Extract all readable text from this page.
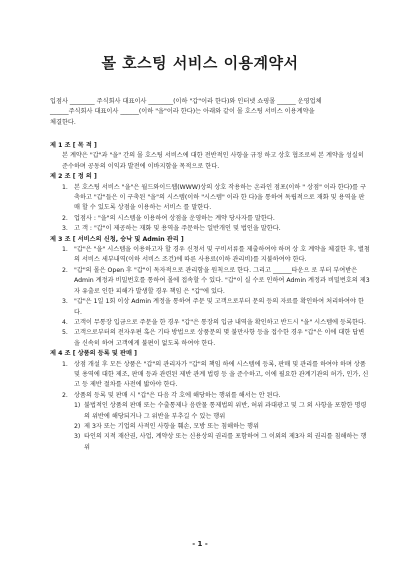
몰 호스팅 서비스 이용계약서

입점사 ________ 주식회사 대표이사 ________(이하 "갑"이라 한다)와 인터넷 쇼핑몰 ______ 운영업체

______주식회사 대표이사 ______(이하 "을"이라 한다)는 아래와 같이 몰 호스팅 서비스 이용계약을

체결한다.

제 1 조 [ 목 적 ]

본 계약은 "갑"과 "을" 간의 몰 호스팅 서비스에 대한 전반적인 사항을 규정 하고 상호 협조로써 본 계약을 성실히 준수하며 공동의 이익과 발전에 이바지함을 목적으로 한다.

제 2 조 [ 정 의 ]

1. 본 호스팅 서비스 "을"은 월드와이드웹(WWW)상의 상호 작용하는 온라인 점포(이하 " 상점" 이라 한다)를 구축하고 "갑"들은 이 구축된 "을"의 시스템(이하 "시스템" 이라 한 다)을 통하여 독립적으로 재화 및 용역을 판매 할 수 있도록 상점을 이용하는 서비스 를 말한다.
2. 업점사 : "을"의 시스템을 이용하여 상점을 운영하는 계약 당사자를 말한다.
3. 고 객 : "갑"이 제공하는 재화 및 용역을 주문하는 일반개인 및 법인을 말한다.

제 3 조 [ 서비스의 신청, 승낙 및 Admin 관리 ]

1. "갑"은 "을" 시스템을 이용하고자 할 경우 신청서 및 구비서류를 제출하여야 하며 상 호 계약을 체결한 후, 별첨의 서비스 세부내역(이하 서비스 조건)에 따른 사용료(이하 관리비)를 지불하여야 한다.
2. "갑"의 몰은 Open 후 "갑"이 독자적으로 관리함을 원칙으로 한다. 그리고 ______타운으 로 부터 부여받은 Admin 계정과 비밀번호를 통하여 몰에 접속할 수 있다. "갑"이 실 수로 인하여 Admin 계정과 비밀번호의 제3자 유출로 인한 피해가 발생할 경우 책임 은 "갑"에 있다.
3. "갑"은 1일 1회 이상 Admin 계정을 통하여 주문 및 고객으로부터 문의 등의 자료를 확인하여 처리하여야 한다.
4. 고객이 무통장 입금으로 주문을 한 경우 "갑"은 통장의 입금 내역을 확인하고 반드시 "을" 시스템에 등록한다.
5. 고객으로부터의 전자우편 혹은 기타 방법으로 상품문의 몇 불만사항 등을 접수한 경우 "갑"은 이에 대한 답변을 신속히 하여 고객에게 불편이 없도록 하여야 한다.

제 4 조 [ 상품의 등록 및 판매 ]

1. 상점 개설 후 모든 상품은 "갑"의 관리자가 "갑"의 책임 하에 시스템에 등록, 판매 및 관리를 하여야 하며 상품 및 용역에 대한 제조, 판매 등과 관련된 제반 관계 법령 등 을 준수하고, 이에 필요한 관계기관의 허가, 인가, 신고 등 제반 절차를 사전에 밟아야 한다.
2. 상품의 등록 및 판매 시 "갑"은 다음 각 호에 해당하는 행위를 해서는 안 된다.
1) 불법적인 상품의 판매 또는 수출통제나 음란물 통제법의 위반, 허위 과대광고 및 그 외 사항을 포함한 명령의 위반에 해당되거나 그 위반을 부추길 수 있는 행위
2) 제 3자 또는 기업의 사적인 사항을 훼손, 모방 또는 침해하는 행위
3) 타인의 지적 재산권, 사업, 계약상 또는 신용상의 권리를 포함하여 그 이외의 제3자 의 권리를 침해하는 행위
- 1 -
